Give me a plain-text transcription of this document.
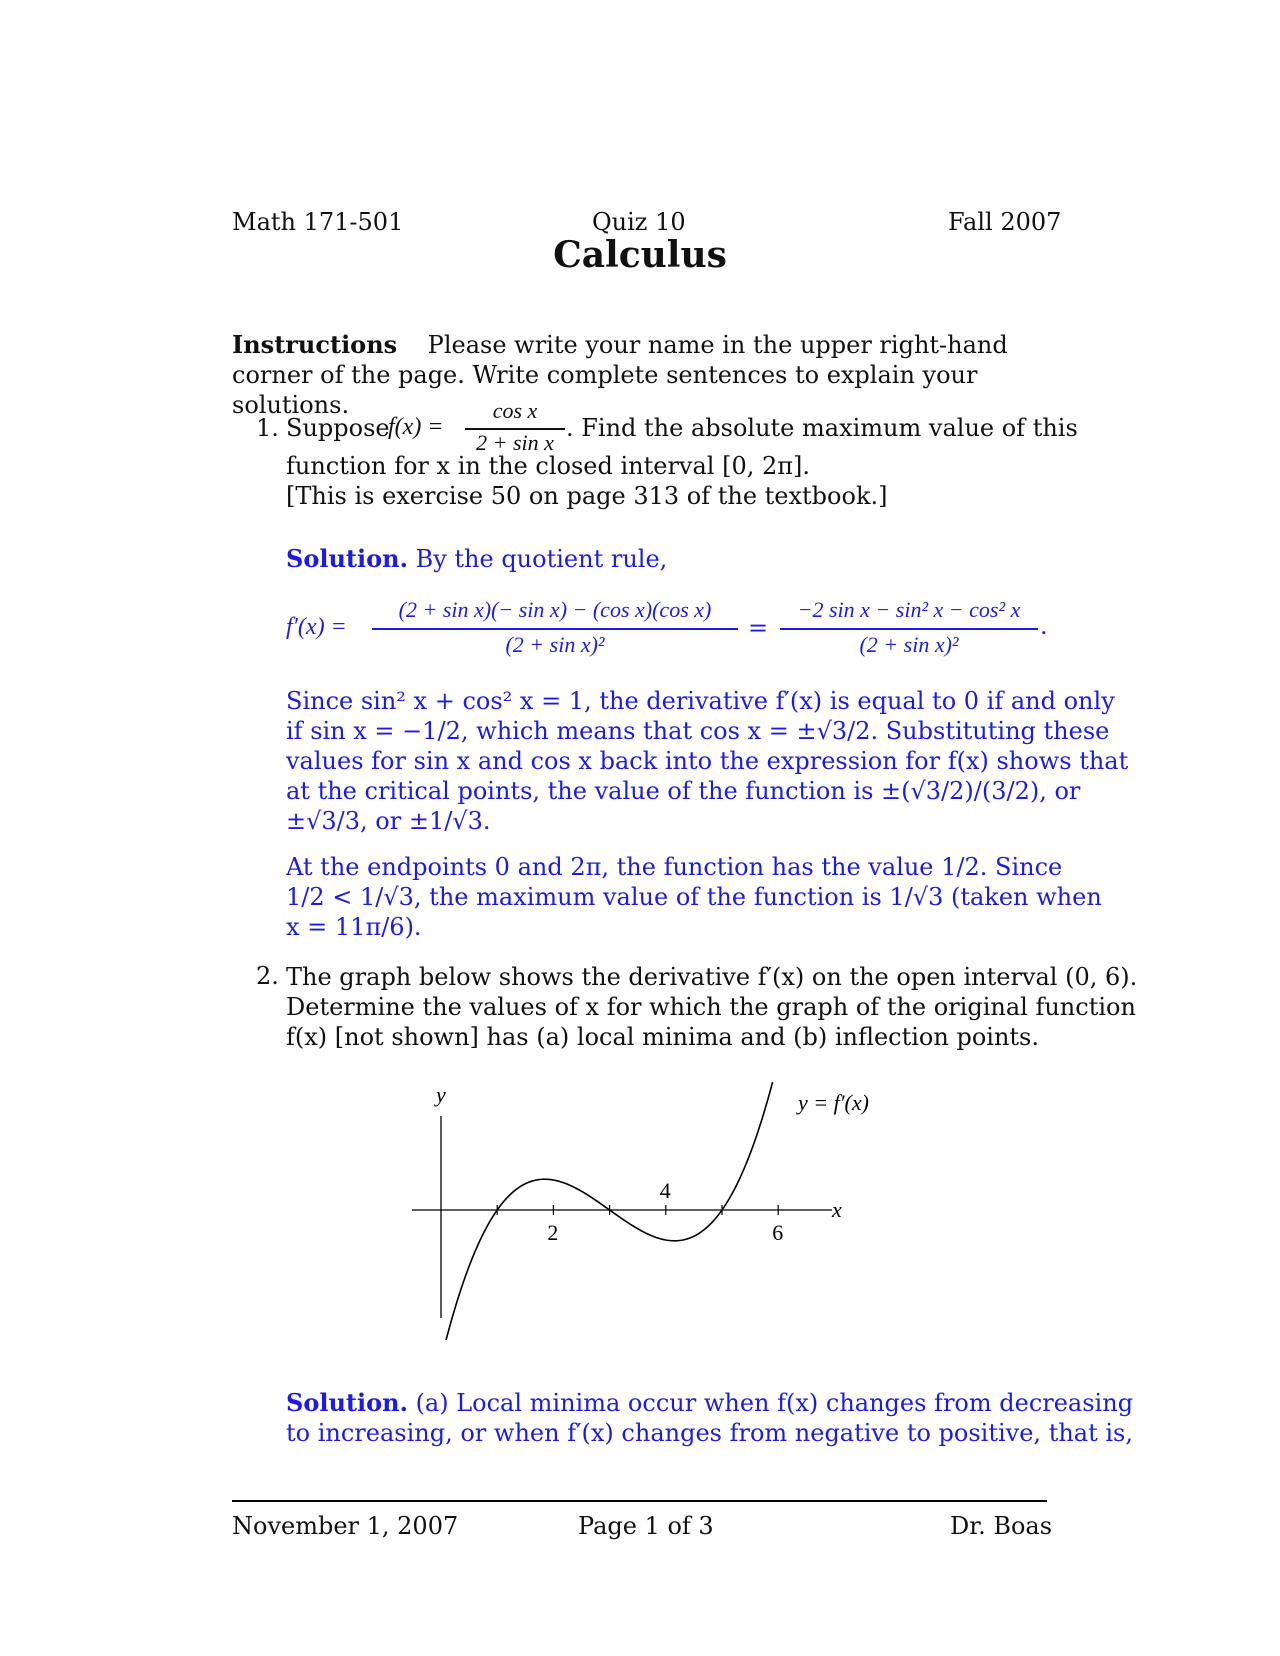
Math 171-501	Quiz 10	Fall 2007
Calculus
Instructions Please write your name in the upper right-hand corner of the page. Write complete sentences to explain your solutions.
1. Suppose
f(x) =
cos x
2 + sin x
. Find the absolute maximum value of this
function for x in the closed interval [0, 2π].
[This is exercise 50 on page 313 of the textbook.]
Solution. By the quotient rule,
f′(x) =
(2 + sin x)(− sin x) − (cos x)(cos x)
(2 + sin x)²
=
−2 sin x − sin² x − cos² x
(2 + sin x)²
.
Since sin² x + cos² x = 1, the derivative f′(x) is equal to 0 if and only
if sin x = −1/2, which means that cos x = ±√3/2. Substituting these
values for sin x and cos x back into the expression for f(x) shows that
at the critical points, the value of the function is ±(√3/2)/(3/2), or
±√3/3, or ±1/√3.
At the endpoints 0 and 2π, the function has the value 1/2. Since
1/2 < 1/√3, the maximum value of the function is 1/√3 (taken when
x = 11π/6).
2. The graph below shows the derivative f′(x) on the open interval (0, 6).
Determine the values of x for which the graph of the original function
f(x) [not shown] has (a) local minima and (b) inflection points.
2
4
6
y
x
y = f′(x)
Solution. (a) Local minima occur when f(x) changes from decreasing
to increasing, or when f′(x) changes from negative to positive, that is,
November 1, 2007	Page 1 of 3	Dr. Boas
